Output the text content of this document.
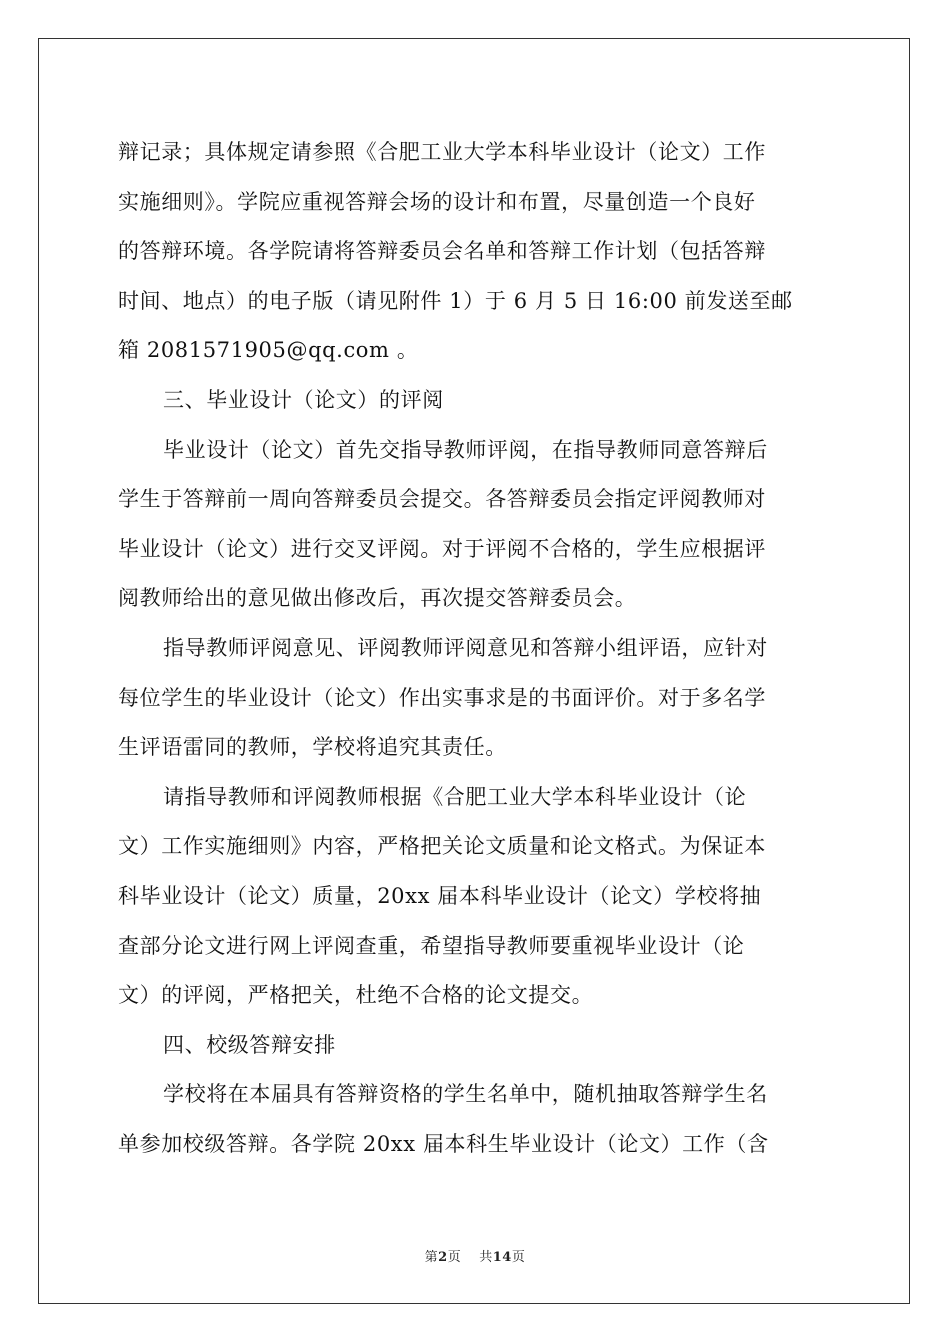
辩记录；具体规定请参照《合肥工业大学本科毕业设计（论文）工作
实施细则》。学院应重视答辩会场的设计和布置，尽量创造一个良好
的答辩环境。各学院请将答辩委员会名单和答辩工作计划（包括答辩
时间、地点）的电子版（请见附件 1）于 6 月 5 日 16:00 前发送至邮
箱 2081571905@qq.com 。
三、毕业设计（论文）的评阅
毕业设计（论文）首先交指导教师评阅，在指导教师同意答辩后
学生于答辩前一周向答辩委员会提交。各答辩委员会指定评阅教师对
毕业设计（论文）进行交叉评阅。对于评阅不合格的，学生应根据评
阅教师给出的意见做出修改后，再次提交答辩委员会。
指导教师评阅意见、评阅教师评阅意见和答辩小组评语，应针对
每位学生的毕业设计（论文）作出实事求是的书面评价。对于多名学
生评语雷同的教师，学校将追究其责任。
请指导教师和评阅教师根据《合肥工业大学本科毕业设计（论
文）工作实施细则》内容，严格把关论文质量和论文格式。为保证本
科毕业设计（论文）质量，20xx 届本科毕业设计（论文）学校将抽
查部分论文进行网上评阅查重，希望指导教师要重视毕业设计（论
文）的评阅，严格把关，杜绝不合格的论文提交。
四、校级答辩安排
学校将在本届具有答辩资格的学生名单中，随机抽取答辩学生名
单参加校级答辩。各学院 20xx 届本科生毕业设计（论文）工作（含
第2页 共14页
